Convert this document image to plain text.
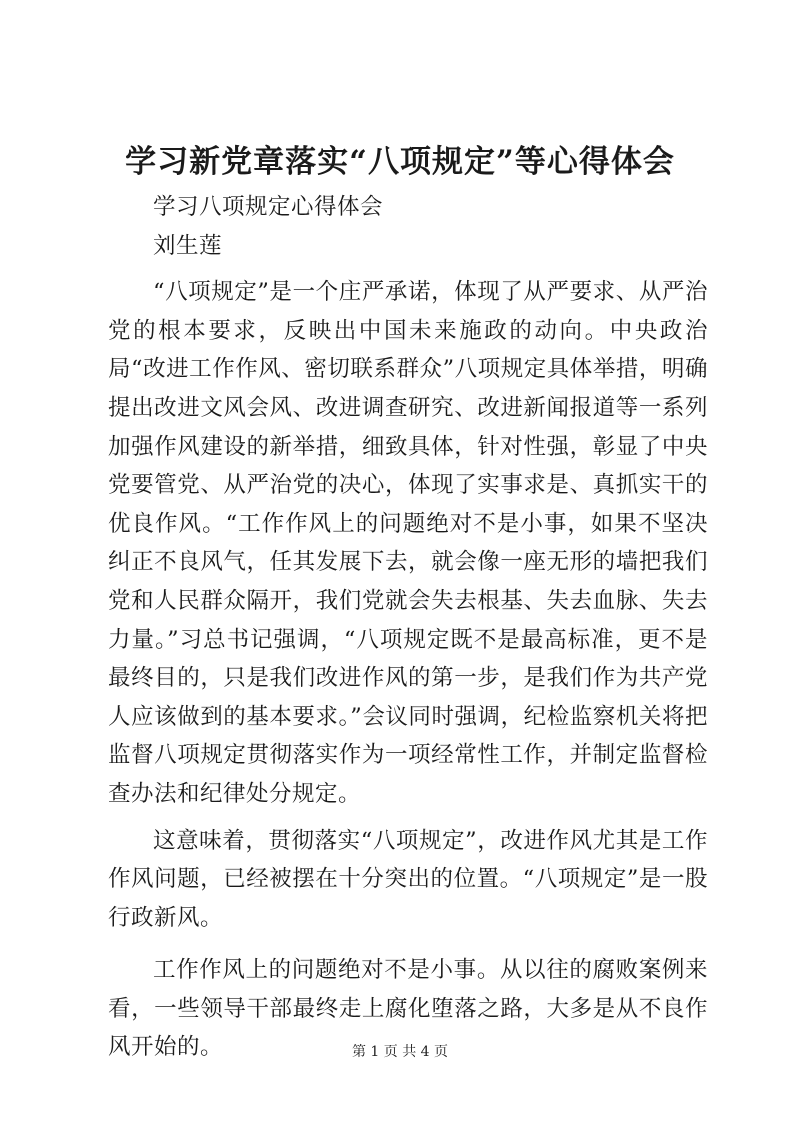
学习新党章落实“八项规定”等心得体会

学习八项规定心得体会

刘生莲

“八项规定”是一个庄严承诺，体现了从严要求、从严治党的根本要求，反映出中国未来施政的动向。中央政治局“改进工作作风、密切联系群众”八项规定具体举措，明确提出改进文风会风、改进调查研究、改进新闻报道等一系列加强作风建设的新举措，细致具体，针对性强，彰显了中央党要管党、从严治党的决心，体现了实事求是、真抓实干的优良作风。“工作作风上的问题绝对不是小事，如果不坚决纠正不良风气，任其发展下去，就会像一座无形的墙把我们党和人民群众隔开，我们党就会失去根基、失去血脉、失去力量。”习总书记强调，“八项规定既不是最高标准，更不是最终目的，只是我们改进作风的第一步，是我们作为共产党人应该做到的基本要求。”会议同时强调，纪检监察机关将把监督八项规定贯彻落实作为一项经常性工作，并制定监督检查办法和纪律处分规定。

这意味着，贯彻落实“八项规定”，改进作风尤其是工作作风问题，已经被摆在十分突出的位置。“八项规定”是一股行政新风。

工作作风上的问题绝对不是小事。从以往的腐败案例来看，一些领导干部最终走上腐化堕落之路，大多是从不良作风开始的。	第 1 页 共 4 页
